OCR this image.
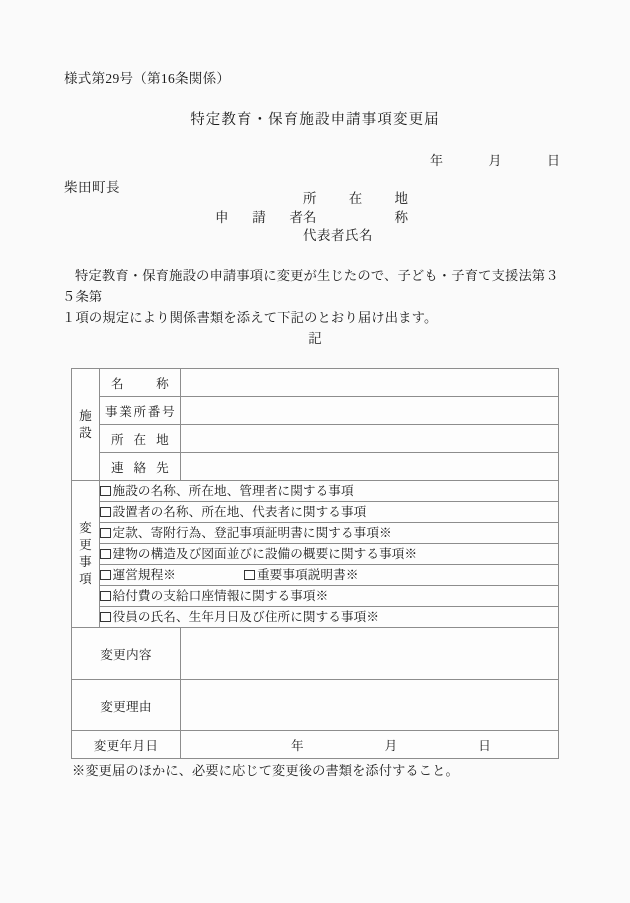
様式第29号（第16条関係）
特定教育・保育施設申請事項変更届
年	月	日
柴田町長
所 在 地
申 請 者 名	称
代表者氏名

特定教育・保育施設の申請事項に変更が生じたので、子ども・子育て支援法第３５条第

１項の規定により関係書類を添えて下記のとおり届け出ます。

記
施
設	名 称	

	事 業 所 番 号	

	所 在 地	

	連 絡 先	

変
更
事
項	施設の名称、所在地、管理者に関する事項	
	設置者の名称、所在地、代表者に関する事項	
	定款、寄附行為、登記事項証明書に関する事項※	
	建物の構造及び図面並びに設備の概要に関する事項※	
	運営規程※ 重要事項説明書※	
	給付費の支給口座情報に関する事項※	
	役員の氏名、生年月日及び住所に関する事項※	
変更内容		
変更理由		
変更年月日		年 月 日
※変更届のほかに、必要に応じて変更後の書類を添付すること。
